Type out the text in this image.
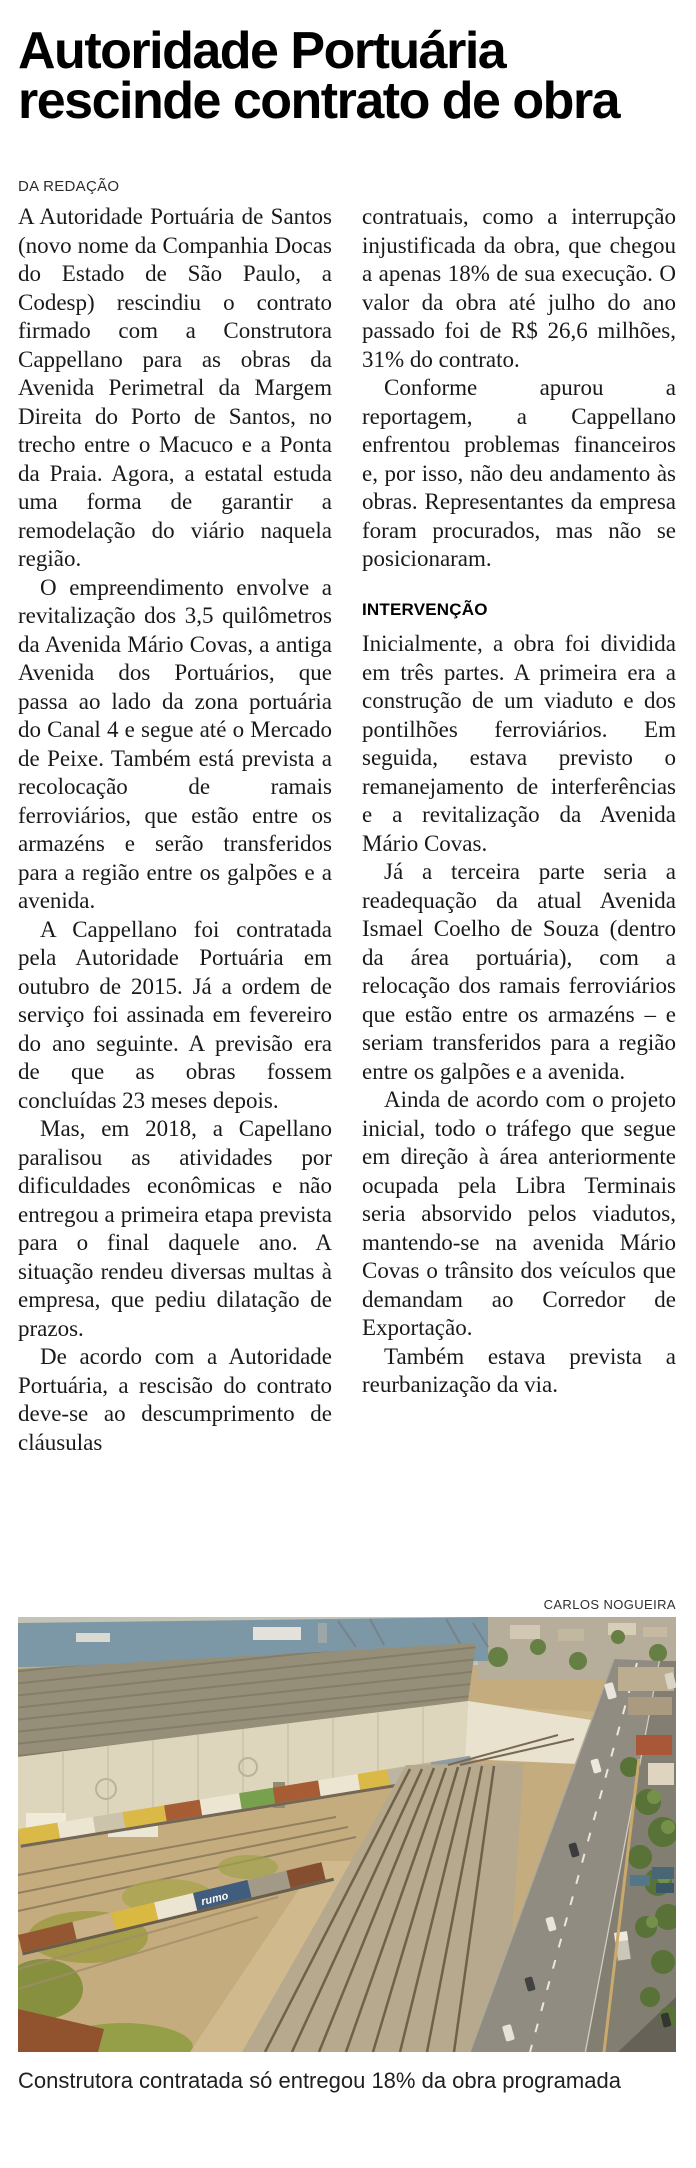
Autoridade Portuária rescinde contrato de obra
DA REDAÇÃO

A Autoridade Portuária de Santos (novo nome da Companhia Docas do Estado de São Paulo, a Codesp) rescindiu o contrato firmado com a Construtora Cappellano para as obras da Avenida Perimetral da Margem Direita do Porto de Santos, no trecho entre o Macuco e a Ponta da Praia. Agora, a estatal estuda uma forma de garantir a remodelação do viário naquela região.

O empreendimento envolve a revitalização dos 3,5 quilômetros da Avenida Mário Covas, a antiga Avenida dos Portuários, que passa ao lado da zona portuária do Canal 4 e segue até o Mercado de Peixe. Também está prevista a recolocação de ramais ferroviários, que estão entre os armazéns e serão transferidos para a região entre os galpões e a avenida.

A Cappellano foi contratada pela Autoridade Portuária em outubro de 2015. Já a ordem de serviço foi assinada em fevereiro do ano seguinte. A previsão era de que as obras fossem concluídas 23 meses depois.

Mas, em 2018, a Capellano paralisou as atividades por dificuldades econômicas e não entregou a primeira etapa prevista para o final daquele ano. A situação rendeu diversas multas à empresa, que pediu dilatação de prazos.

De acordo com a Autoridade Portuária, a rescisão do contrato deve-se ao descumprimento de cláusulas

contratuais, como a interrupção injustificada da obra, que chegou a apenas 18% de sua execução. O valor da obra até julho do ano passado foi de R$ 26,6 milhões, 31% do contrato.

Conforme apurou a reportagem, a Cappellano enfrentou problemas financeiros e, por isso, não deu andamento às obras. Representantes da empresa foram procurados, mas não se posicionaram.

INTERVENÇÃO

Inicialmente, a obra foi dividida em três partes. A primeira era a construção de um viaduto e dos pontilhões ferroviários. Em seguida, estava previsto o remanejamento de interferências e a revitalização da Avenida Mário Covas.

Já a terceira parte seria a readequação da atual Avenida Ismael Coelho de Souza (dentro da área portuária), com a relocação dos ramais ferroviários que estão entre os armazéns – e seriam transferidos para a região entre os galpões e a avenida.

Ainda de acordo com o projeto inicial, todo o tráfego que segue em direção à área anteriormente ocupada pela Libra Terminais seria absorvido pelos viadutos, mantendo-se na avenida Mário Covas o trânsito dos veículos que demandam ao Corredor de Exportação.

Também estava prevista a reurbanização da via.

CARLOS NOGUEIRA
rumo
Construtora contratada só entregou 18% da obra programada
